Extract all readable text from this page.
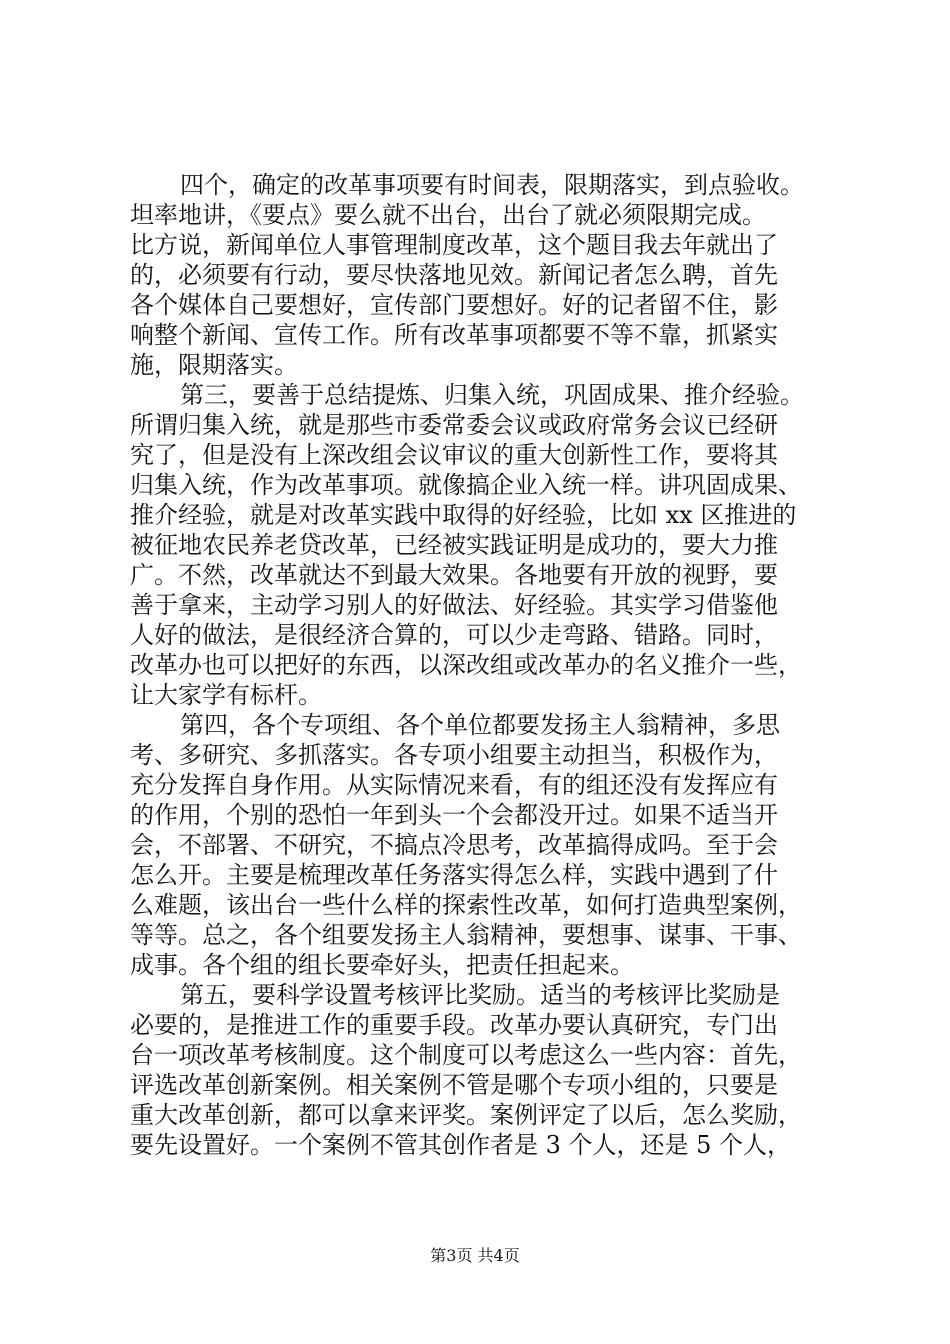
四个，确定的改革事项要有时间表，限期落实，到点验收。
坦率地讲，《要点》要么就不出台，出台了就必须限期完成。
比方说，新闻单位人事管理制度改革，这个题目我去年就出了
的，必须要有行动，要尽快落地见效。新闻记者怎么聘，首先
各个媒体自己要想好，宣传部门要想好。好的记者留不住，影
响整个新闻、宣传工作。所有改革事项都要不等不靠，抓紧实
施，限期落实。
第三，要善于总结提炼、归集入统，巩固成果、推介经验。
所谓归集入统，就是那些市委常委会议或政府常务会议已经研
究了，但是没有上深改组会议审议的重大创新性工作，要将其
归集入统，作为改革事项。就像搞企业入统一样。讲巩固成果、
推介经验，就是对改革实践中取得的好经验，比如 xx 区推进的
被征地农民养老贷改革，已经被实践证明是成功的，要大力推
广。不然，改革就达不到最大效果。各地要有开放的视野，要
善于拿来，主动学习别人的好做法、好经验。其实学习借鉴他
人好的做法，是很经济合算的，可以少走弯路、错路。同时，
改革办也可以把好的东西，以深改组或改革办的名义推介一些，
让大家学有标杆。
第四，各个专项组、各个单位都要发扬主人翁精神，多思
考、多研究、多抓落实。各专项小组要主动担当，积极作为，
充分发挥自身作用。从实际情况来看，有的组还没有发挥应有
的作用，个别的恐怕一年到头一个会都没开过。如果不适当开
会，不部署、不研究，不搞点冷思考，改革搞得成吗。至于会
怎么开。主要是梳理改革任务落实得怎么样，实践中遇到了什
么难题，该出台一些什么样的探索性改革，如何打造典型案例，
等等。总之，各个组要发扬主人翁精神，要想事、谋事、干事、
成事。各个组的组长要牵好头，把责任担起来。
第五，要科学设置考核评比奖励。适当的考核评比奖励是
必要的，是推进工作的重要手段。改革办要认真研究，专门出
台一项改革考核制度。这个制度可以考虑这么一些内容：首先，
评选改革创新案例。相关案例不管是哪个专项小组的，只要是
重大改革创新，都可以拿来评奖。案例评定了以后，怎么奖励，
要先设置好。一个案例不管其创作者是 3 个人，还是 5 个人，
第3页 共4页
